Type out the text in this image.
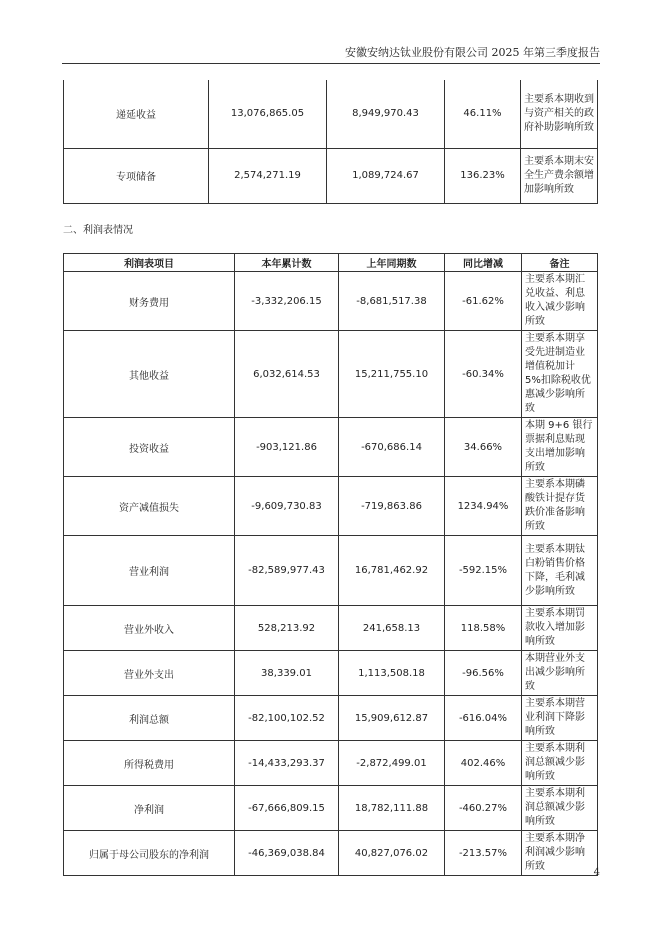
安徽安纳达钛业股份有限公司 2025 年第三季度报告
递延收益	13,076,865.05	8,949,970.43	46.11%	主要系本期收到与资产相关的政府补助影响所致
专项储备	2,574,271.19	1,089,724.67	136.23%	主要系本期末安全生产费余额增加影响所致
二、利润表情况
利润表项目	本年累计数	上年同期数	同比增减	备注
财务费用	-3,332,206.15	-8,681,517.38	-61.62%	主要系本期汇兑收益、利息收入减少影响所致
其他收益	6,032,614.53	15,211,755.10	-60.34%	主要系本期享受先进制造业增值税加计 5%扣除税收优惠减少影响所致
投资收益	-903,121.86	-670,686.14	34.66%	本期 9+6 银行票据利息贴现支出增加影响所致
资产减值损失	-9,609,730.83	-719,863.86	1234.94%	主要系本期磷酸铁计提存货跌价准备影响所致
营业利润	-82,589,977.43	16,781,462.92	-592.15%	主要系本期钛白粉销售价格下降，毛利减少影响所致
营业外收入	528,213.92	241,658.13	118.58%	主要系本期罚款收入增加影响所致
营业外支出	38,339.01	1,113,508.18	-96.56%	本期营业外支出减少影响所致
利润总额	-82,100,102.52	15,909,612.87	-616.04%	主要系本期营业利润下降影响所致
所得税费用	-14,433,293.37	-2,872,499.01	402.46%	主要系本期利润总额减少影响所致
净利润	-67,666,809.15	18,782,111.88	-460.27%	主要系本期利润总额减少影响所致
归属于母公司股东的净利润	-46,369,038.84	40,827,076.02	-213.57%	主要系本期净利润减少影响所致
4
